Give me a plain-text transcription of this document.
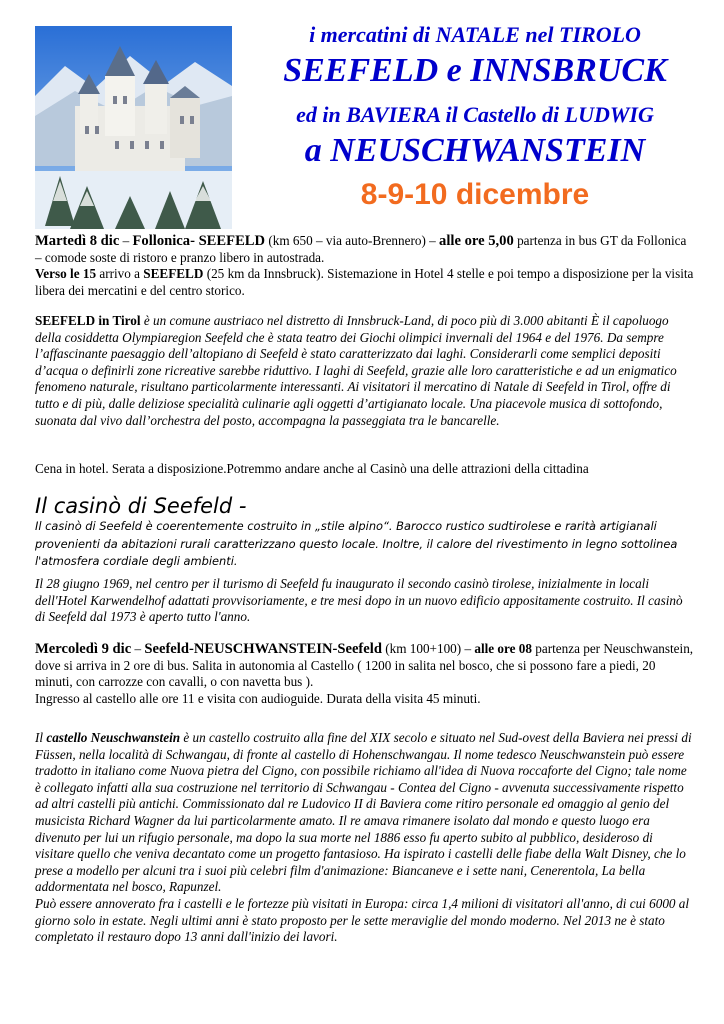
i mercatini di NATALE nel TIROLO
SEEFELD e INNSBRUCK
ed in BAVIERA il Castello di LUDWIG
a NEUSCHWANSTEIN
8-9-10 dicembre

Martedì 8 dic – Follonica- SEEFELD (km 650 – via auto-Brennero) – alle ore 5,00 partenza in bus GT da Follonica – comode soste di ristoro e pranzo libero in autostrada.
Verso le 15 arrivo a SEEFELD (25 km da Innsbruck). Sistemazione in Hotel 4 stelle e poi tempo a disposizione per la visita libera dei mercatini e del centro storico.

SEEFELD in Tirol è un comune austriaco nel distretto di Innsbruck-Land, di poco più di 3.000 abitanti È il capoluogo della cosiddetta Olympiaregion Seefeld che è stata teatro dei Giochi olimpici invernali del 1964 e del 1976. Da sempre l’affascinante paesaggio dell’altopiano di Seefeld è stato caratterizzato dai laghi. Considerarli come semplici depositi d’acqua o definirli zone ricreative sarebbe riduttivo. I laghi di Seefeld, grazie alle loro caratteristiche e ad un enigmatico fenomeno naturale, risultano particolarmente interessanti. Ai visitatori il mercatino di Natale di Seefeld in Tirol, offre di tutto e di più, dalle deliziose specialità culinarie agli oggetti d’artigianato locale. Una piacevole musica di sottofondo, suonata dal vivo dall’orchestra del posto, accompagna la passeggiata tra le bancarelle.

Cena in hotel. Serata a disposizione.Potremmo andare anche al Casinò una delle attrazioni della cittadina

Il casinò di Seefeld -

Il casinò di Seefeld è coerentemente costruito in „stile alpino“. Barocco rustico sudtirolese e rarità artigianali provenienti da abitazioni rurali caratterizzano questo locale. Inoltre, il calore del rivestimento in legno sottolinea l'atmosfera cordiale degli ambienti.

Il 28 giugno 1969, nel centro per il turismo di Seefeld fu inaugurato il secondo casinò tirolese, inizialmente in locali dell'Hotel Karwendelhof adattati provvisoriamente, e tre mesi dopo in un nuovo edificio appositamente costruito. Il casinò di Seefeld dal 1973 è aperto tutto l'anno.

Mercoledì 9 dic – Seefeld-NEUSCHWANSTEIN-Seefeld (km 100+100) – alle ore 08 partenza per Neuschwanstein, dove si arriva in 2 ore di bus. Salita in autonomia al Castello ( 1200 in salita nel bosco, che si possono fare a piedi, 20 minuti, con carrozze con cavalli, o con navetta bus ).
Ingresso al castello alle ore 11 e visita con audioguide. Durata della visita 45 minuti.

Il castello Neuschwanstein è un castello costruito alla fine del XIX secolo e situato nel Sud-ovest della Baviera nei pressi di Füssen, nella località di Schwangau, di fronte al castello di Hohenschwangau. Il nome tedesco Neuschwanstein può essere tradotto in italiano come Nuova pietra del Cigno, con possibile richiamo all'idea di Nuova roccaforte del Cigno; tale nome è collegato infatti alla sua costruzione nel territorio di Schwangau - Contea del Cigno - avvenuta successivamente rispetto ad altri castelli più antichi. Commissionato dal re Ludovico II di Baviera come ritiro personale ed omaggio al genio del musicista Richard Wagner da lui particolarmente amato. Il re amava rimanere isolato dal mondo e questo luogo era divenuto per lui un rifugio personale, ma dopo la sua morte nel 1886 esso fu aperto subito al pubblico, desideroso di visitare quello che veniva decantato come un progetto fantasioso. Ha ispirato i castelli delle fiabe della Walt Disney, che lo prese a modello per alcuni tra i suoi più celebri film d'animazione: Biancaneve e i sette nani, Cenerentola, La bella addormentata nel bosco, Rapunzel.
Può essere annoverato fra i castelli e le fortezze più visitati in Europa: circa 1,4 milioni di visitatori all'anno, di cui 6000 al giorno solo in estate. Negli ultimi anni è stato proposto per le sette meraviglie del mondo moderno. Nel 2013 ne è stato completato il restauro dopo 13 anni dall'inizio dei lavori.
